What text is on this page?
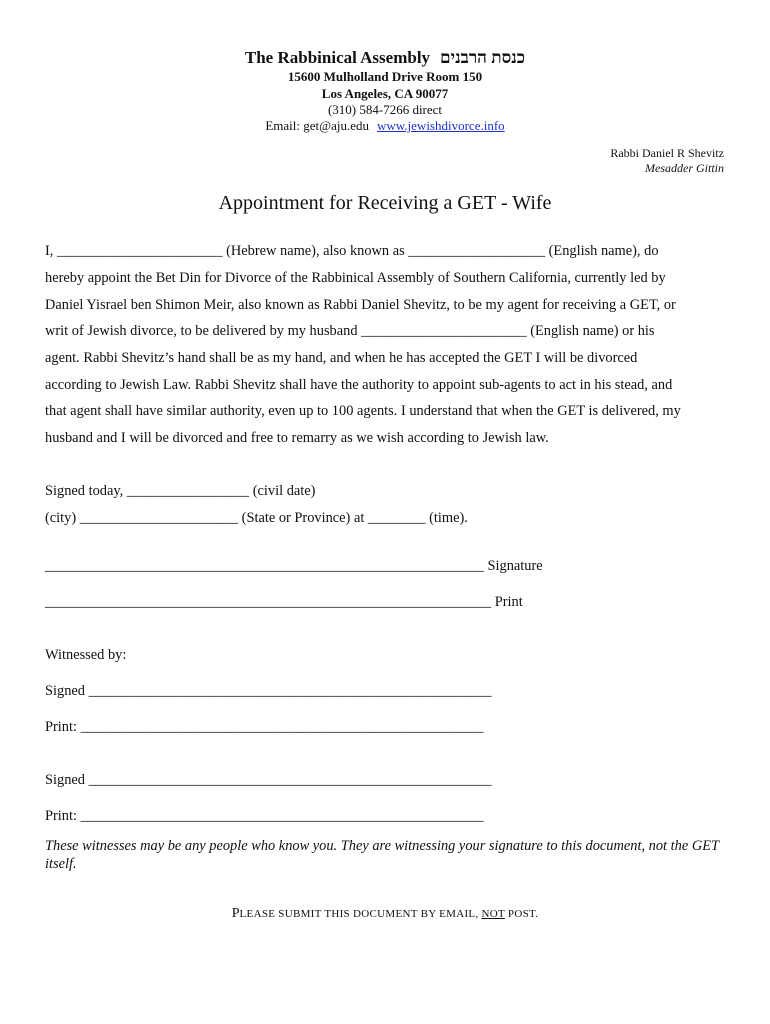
The Rabbinical Assembly כנסת הרבנים
15600 Mulholland Drive Room 150
Los Angeles, CA 90077
(310) 584-7266 direct
Email: get@aju.edu www.jewishdivorce.info
Rabbi Daniel R Shevitz
Mesadder Gittin
Appointment for Receiving a GET - Wife
I, _______________________ (Hebrew name), also known as ___________________ (English name), do
hereby appoint the Bet Din for Divorce of the Rabbinical Assembly of Southern California, currently led by
Daniel Yisrael ben Shimon Meir, also known as Rabbi Daniel Shevitz, to be my agent for receiving a GET, or
writ of Jewish divorce, to be delivered by my husband _______________________ (English name) or his
agent. Rabbi Shevitz’s hand shall be as my hand, and when he has accepted the GET I will be divorced
according to Jewish Law. Rabbi Shevitz shall have the authority to appoint sub-agents to act in his stead, and
that agent shall have similar authority, even up to 100 agents. I understand that when the GET is delivered, my
husband and I will be divorced and free to remarry as we wish according to Jewish law.
Signed today, _________________ (civil date)
(city) ______________________ (State or Province) at ________ (time).
_____________________________________________________________ Signature
______________________________________________________________ Print
Witnessed by:
Signed ________________________________________________________
Print: ________________________________________________________
Signed ________________________________________________________
Print: ________________________________________________________
These witnesses may be any people who know you. They are witnessing your signature to this document, not the GET itself.
PLEASE SUBMIT THIS DOCUMENT BY EMAIL, NOT POST.
